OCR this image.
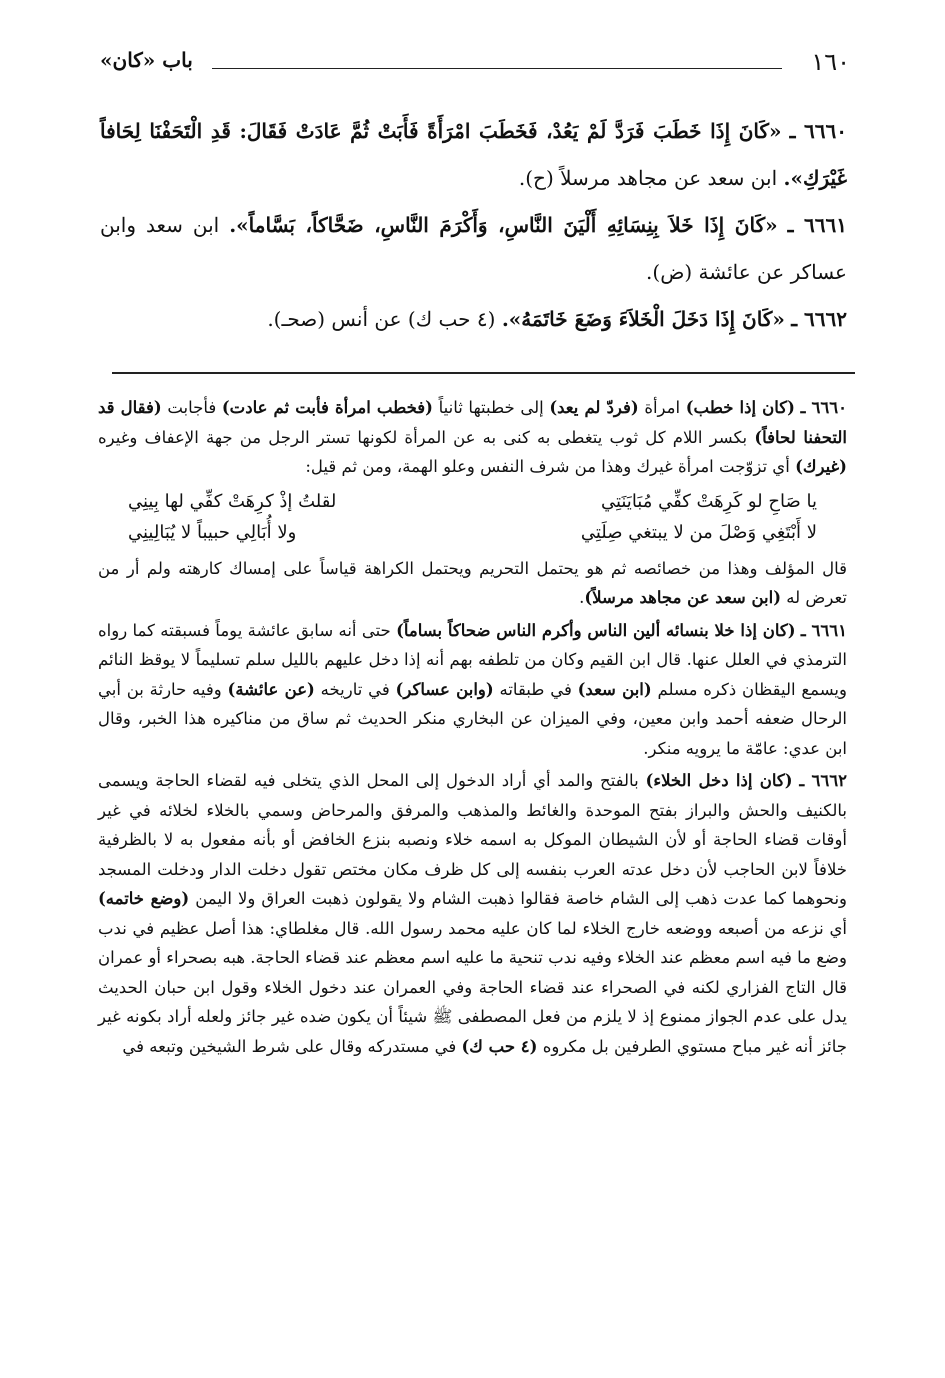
١٦٠
باب «كان»

٦٦٦٠ ـ «كَانَ إِذَا خَطَبَ فَرَدَّ لَمْ يَعُدْ، فَخَطَبَ امْرَأَةً فَأَبَتْ ثُمَّ عَادَتْ فَقَالَ: قَدِ الْتَحَفْنَا لِحَافاً غَيْرَكِ». ابن سعد عن مجاهد مرسلاً (ح).

٦٦٦١ ـ «كَانَ إِذَا خَلاَ بِنِسَائِهِ أَلْيَنَ النَّاسِ، وَأَكْرَمَ النَّاسِ، ضَحَّاكاً، بَسَّاماً». ابن سعد وابن عساكر عن عائشة (ض).

٦٦٦٢ ـ «كَانَ إِذَا دَخَلَ الْخَلاَءَ وَضَعَ خَاتَمَهُ». (٤ حب ك) عن أنس (صحـ).

٦٦٦٠ ـ (كان إذا خطب) امرأة (فردّ لم يعد) إلى خطبتها ثانياً (فخطب امرأة فأبت ثم عادت) فأجابت (فقال قد التحفنا لحافاً) بكسر اللام كل ثوب يتغطى به كنى به عن المرأة لكونها تستر الرجل من جهة الإعفاف وغيره (غيرك) أي تزوّجت امرأة غيرك وهذا من شرف النفس وعلو الهمة، ومن ثم قيل:

يا صَاحِ لو كَرِهَتْ كفِّي مُبَايَنَتِي
لقلتُ إذْ كرِهَتْ كفِّي لها بِينِي
لا أَبْتَغِي وَصْلَ من لا يبتغي صِلَتِي
ولا أُبَالِي حبيباً لا يُبَالِينِي

قال المؤلف وهذا من خصائصه ثم هو يحتمل التحريم ويحتمل الكراهة قياساً على إمساك كارهته ولم أر من تعرض له (ابن سعد عن مجاهد مرسلاً).

٦٦٦١ ـ (كان إذا خلا بنسائه ألين الناس وأكرم الناس ضحاكاً بساماً) حتى أنه سابق عائشة يوماً فسبقته كما رواه الترمذي في العلل عنها. قال ابن القيم وكان من تلطفه بهم أنه إذا دخل عليهم بالليل سلم تسليماً لا يوقظ النائم ويسمع اليقظان ذكره مسلم (ابن سعد) في طبقاته (وابن عساكر) في تاريخه (عن عائشة) وفيه حارثة بن أبي الرحال ضعفه أحمد وابن معين، وفي الميزان عن البخاري منكر الحديث ثم ساق من مناكيره هذا الخبر، وقال ابن عدي: عامّة ما يرويه منكر.

٦٦٦٢ ـ (كان إذا دخل الخلاء) بالفتح والمد أي أراد الدخول إلى المحل الذي يتخلى فيه لقضاء الحاجة ويسمى بالكنيف والحش والبراز بفتح الموحدة والغائط والمذهب والمرفق والمرحاض وسمي بالخلاء لخلائه في غير أوقات قضاء الحاجة أو لأن الشيطان الموكل به اسمه خلاء ونصبه بنزع الخافض أو بأنه مفعول به لا بالظرفية خلافاً لابن الحاجب لأن دخل عدته العرب بنفسه إلى كل ظرف مكان مختص تقول دخلت الدار ودخلت المسجد ونحوهما كما عدت ذهب إلى الشام خاصة فقالوا ذهبت الشام ولا يقولون ذهبت العراق ولا اليمن (وضع خاتمه) أي نزعه من أصبعه ووضعه خارج الخلاء لما كان عليه محمد رسول الله. قال مغلطاي: هذا أصل عظيم في ندب وضع ما فيه اسم معظم عند الخلاء وفيه ندب تنحية ما عليه اسم معظم عند قضاء الحاجة. هبه بصحراء أو عمران قال التاج الفزاري لكنه في الصحراء عند قضاء الحاجة وفي العمران عند دخول الخلاء وقول ابن حبان الحديث يدل على عدم الجواز ممنوع إذ لا يلزم من فعل المصطفى ﷺ شيئاً أن يكون ضده غير جائز ولعله أراد بكونه غير جائز أنه غير مباح مستوي الطرفين بل مكروه (٤ حب ك) في مستدركه وقال على شرط الشيخين وتبعه في
